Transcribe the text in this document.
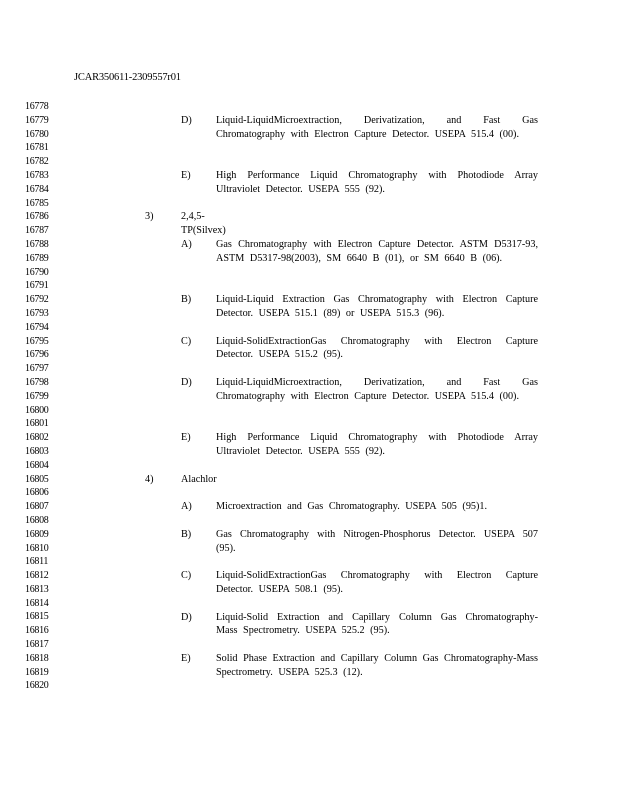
JCAR350611-2309557r01
16778
16779
16780
16781
16782
16783
16784
16785
16786
16787
16788
16789
16790
16791
16792
16793
16794
16795
16796
16797
16798
16799
16800
16801
16802
16803
16804
16805
16806
16807
16808
16809
16810
16811
16812
16813
16814
16815
16816
16817
16818
16819
16820
D)	Liquid-LiquidMicroextraction, Derivatization, and Fast Gas Chromatography with Electron Capture Detector. USEPA 515.4 (00).
E)	High Performance Liquid Chromatography with Photodiode Array Ultraviolet Detector. USEPA 555 (92).
3)	2,4,5-TP(Silvex)
A)	Gas Chromatography with Electron Capture Detector. ASTM D5317-93, ASTM D5317-98(2003), SM 6640 B (01), or SM 6640 B (06).
B)	Liquid-Liquid Extraction Gas Chromatography with Electron Capture Detector. USEPA 515.1 (89) or USEPA 515.3 (96).
C)	Liquid-SolidExtractionGas Chromatography with Electron Capture Detector. USEPA 515.2 (95).
D)	Liquid-LiquidMicroextraction, Derivatization, and Fast Gas Chromatography with Electron Capture Detector. USEPA 515.4 (00).
E)	High Performance Liquid Chromatography with Photodiode Array Ultraviolet Detector. USEPA 555 (92).
4)	Alachlor
A)	Microextraction and Gas Chromatography. USEPA 505 (95)1.
B)	Gas Chromatography with Nitrogen-Phosphorus Detector. USEPA 507 (95).
C)	Liquid-SolidExtractionGas Chromatography with Electron Capture Detector. USEPA 508.1 (95).
D)	Liquid-Solid Extraction and Capillary Column Gas Chromatography-Mass Spectrometry. USEPA 525.2 (95).
E)	Solid Phase Extraction and Capillary Column Gas Chromatography-Mass Spectrometry. USEPA 525.3 (12).
